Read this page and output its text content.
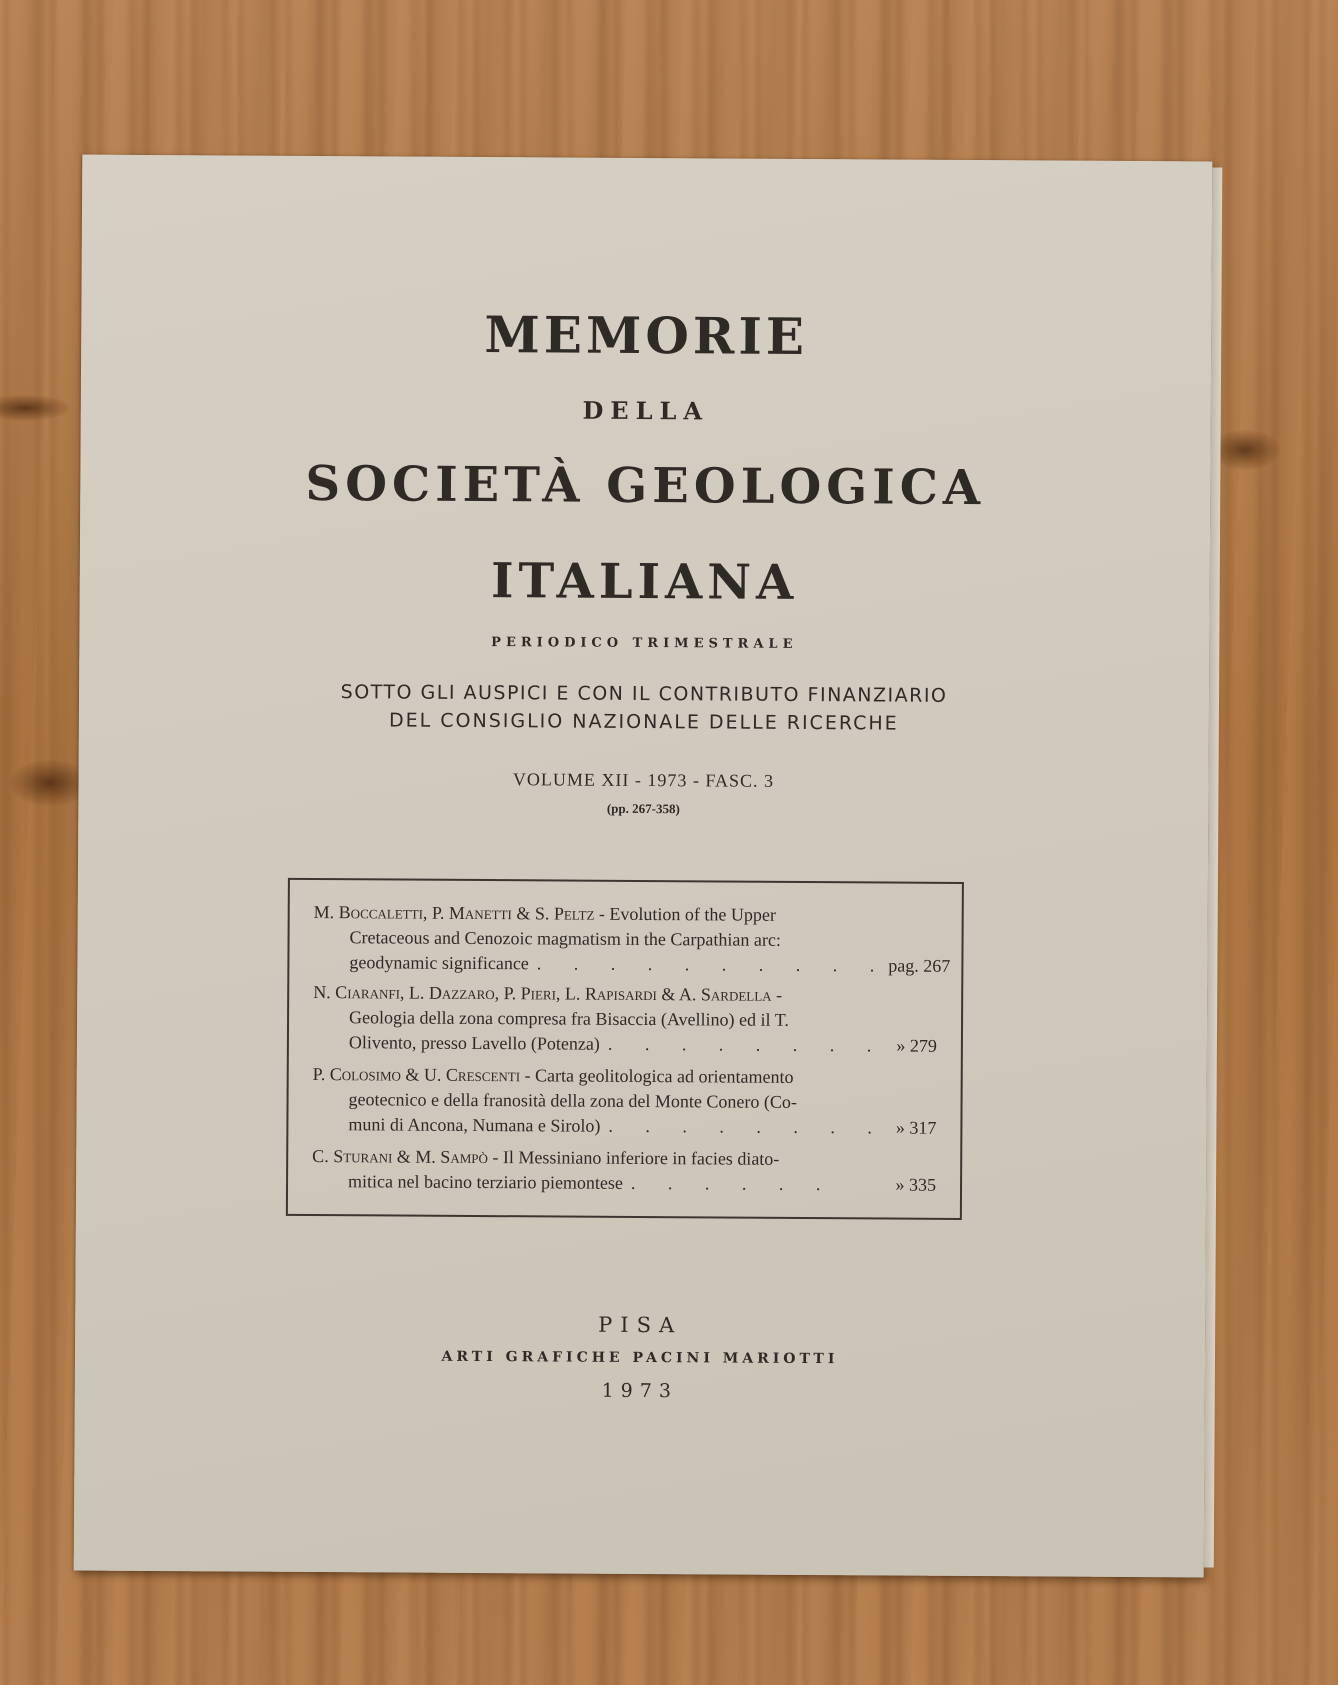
MEMORIE
DELLA
SOCIETÀ GEOLOGICA
ITALIANA
PERIODICO TRIMESTRALE
SOTTO GLI AUSPICI E CON IL CONTRIBUTO FINANZIARIO
DEL CONSIGLIO NAZIONALE DELLE RICERCHE
VOLUME XII - 1973 - FASC. 3
(pp. 267-358)
M. Boccaletti, P. Manetti & S. Peltz - Evolution of the Upper
Cretaceous and Cenozoic magmatism in the Carpathian arc:
geodynamic significance . . . . . . . . . . pag. 267
N. Ciaranfi, L. Dazzaro, P. Pieri, L. Rapisardi & A. Sardella -
Geologia della zona compresa fra Bisaccia (Avellino) ed il T.
Olivento, presso Lavello (Potenza) . . . . . . . . » 279
P. Colosimo & U. Crescenti - Carta geolitologica ad orientamento
geotecnico e della franosità della zona del Monte Conero (Co-
muni di Ancona, Numana e Sirolo) . . . . . . . . » 317
C. Sturani & M. Sampò - Il Messiniano inferiore in facies diato-
mitica nel bacino terziario piemontese . . . . . .	» 335
PISA
ARTI GRAFICHE PACINI MARIOTTI
1973
